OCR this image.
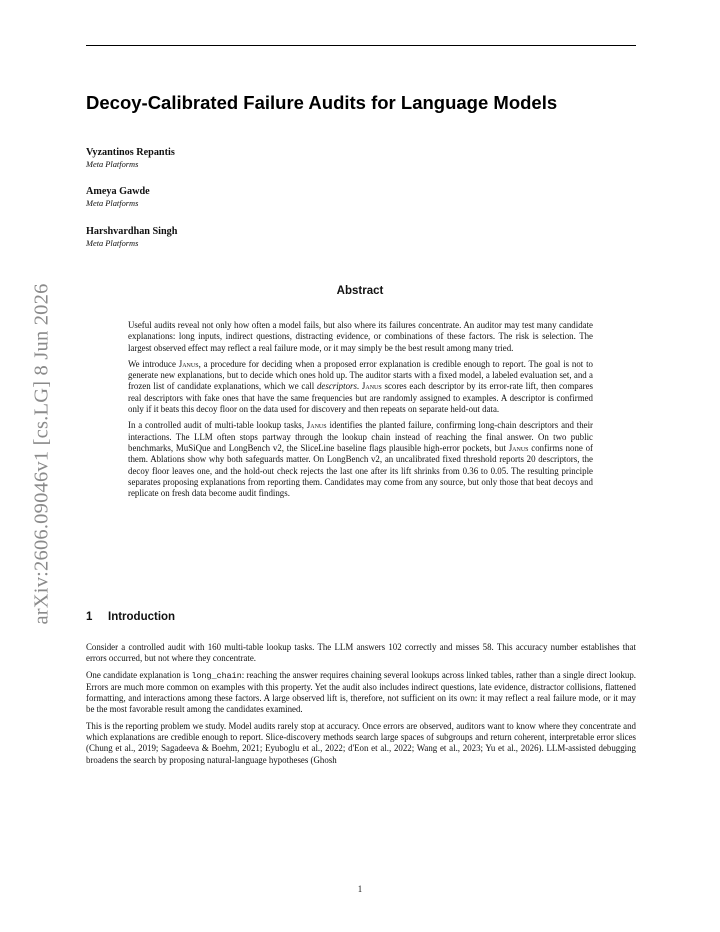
arXiv:2606.09046v1 [cs.LG] 8 Jun 2026
Decoy-Calibrated Failure Audits for Language Models
Vyzantinos Repantis
Meta Platforms
Ameya Gawde
Meta Platforms
Harshvardhan Singh
Meta Platforms
Abstract

Useful audits reveal not only how often a model fails, but also where its failures concentrate. An auditor may test many candidate explanations: long inputs, indirect questions, distracting evidence, or combinations of these factors. The risk is selection. The largest observed effect may reflect a real failure mode, or it may simply be the best result among many tried.

We introduce Janus, a procedure for deciding when a proposed error explanation is credible enough to report. The goal is not to generate new explanations, but to decide which ones hold up. The auditor starts with a fixed model, a labeled evaluation set, and a frozen list of candidate explanations, which we call descriptors. Janus scores each descriptor by its error-rate lift, then compares real descriptors with fake ones that have the same frequencies but are randomly assigned to examples. A descriptor is confirmed only if it beats this decoy floor on the data used for discovery and then repeats on separate held-out data.

In a controlled audit of multi-table lookup tasks, Janus identifies the planted failure, confirming long-chain descriptors and their interactions. The LLM often stops partway through the lookup chain instead of reaching the final answer. On two public benchmarks, MuSiQue and LongBench v2, the SliceLine baseline flags plausible high-error pockets, but Janus confirms none of them. Ablations show why both safeguards matter. On LongBench v2, an uncalibrated fixed threshold reports 20 descriptors, the decoy floor leaves one, and the hold-out check rejects the last one after its lift shrinks from 0.36 to 0.05. The resulting principle separates proposing explanations from reporting them. Candidates may come from any source, but only those that beat decoys and replicate on fresh data become audit findings.

1 Introduction

Consider a controlled audit with 160 multi-table lookup tasks. The LLM answers 102 correctly and misses 58. This accuracy number establishes that errors occurred, but not where they concentrate.

One candidate explanation is long_chain: reaching the answer requires chaining several lookups across linked tables, rather than a single direct lookup. Errors are much more common on examples with this property. Yet the audit also includes indirect questions, late evidence, distractor collisions, flattened formatting, and interactions among these factors. A large observed lift is, therefore, not sufficient on its own: it may reflect a real failure mode, or it may be the most favorable result among the candidates examined.

This is the reporting problem we study. Model audits rarely stop at accuracy. Once errors are observed, auditors want to know where they concentrate and which explanations are credible enough to report. Slice-discovery methods search large spaces of subgroups and return coherent, interpretable error slices (Chung et al., 2019; Sagadeeva & Boehm, 2021; Eyuboglu et al., 2022; d'Eon et al., 2022; Wang et al., 2023; Yu et al., 2026). LLM-assisted debugging broadens the search by proposing natural-language hypotheses (Ghosh

1
